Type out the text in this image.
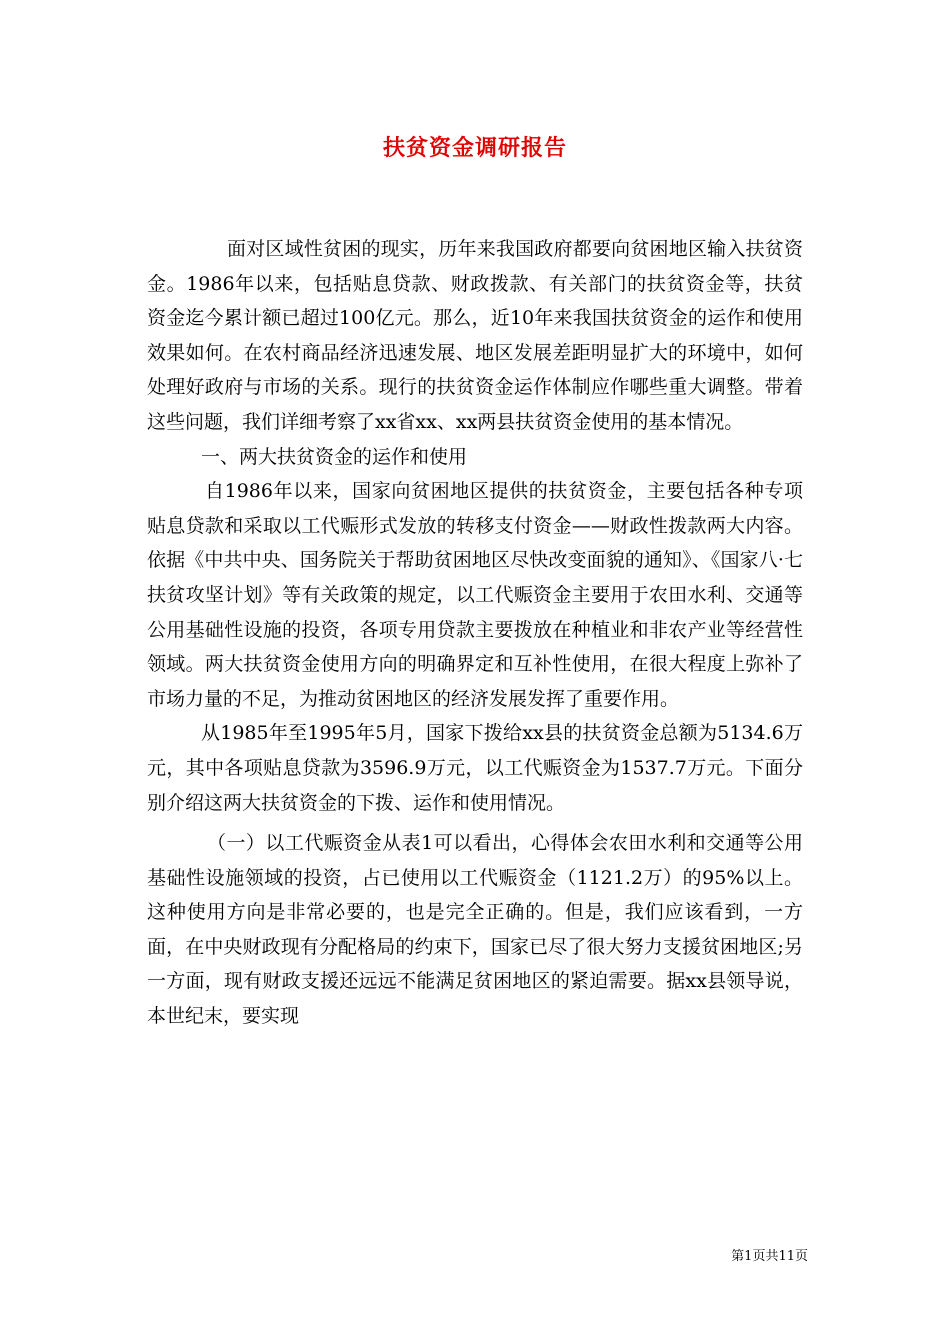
扶贫资金调研报告

面对区域性贫困的现实，历年来我国政府都要向贫困地区输入扶贫资金。1986年以来，包括贴息贷款、财政拨款、有关部门的扶贫资金等，扶贫资金迄今累计额已超过100亿元。那么，近10年来我国扶贫资金的运作和使用效果如何。在农村商品经济迅速发展、地区发展差距明显扩大的环境中，如何处理好政府与市场的关系。现行的扶贫资金运作体制应作哪些重大调整。带着这些问题，我们详细考察了xx省xx、xx两县扶贫资金使用的基本情况。

一、两大扶贫资金的运作和使用

自1986年以来，国家向贫困地区提供的扶贫资金，主要包括各种专项贴息贷款和采取以工代赈形式发放的转移支付资金——财政性拨款两大内容。依据《中共中央、国务院关于帮助贫困地区尽快改变面貌的通知》、《国家八·七扶贫攻坚计划》等有关政策的规定，以工代赈资金主要用于农田水利、交通等公用基础性设施的投资，各项专用贷款主要拨放在种植业和非农产业等经营性领域。两大扶贫资金使用方向的明确界定和互补性使用，在很大程度上弥补了市场力量的不足，为推动贫困地区的经济发展发挥了重要作用。

从1985年至1995年5月，国家下拨给xx县的扶贫资金总额为5134.6万元，其中各项贴息贷款为3596.9万元，以工代赈资金为1537.7万元。下面分别介绍这两大扶贫资金的下拨、运作和使用情况。

（一）以工代赈资金从表1可以看出，心得体会农田水利和交通等公用基础性设施领域的投资，占已使用以工代赈资金（1121.2万）的95%以上。这种使用方向是非常必要的，也是完全正确的。但是，我们应该看到，一方面，在中央财政现有分配格局的约束下，国家已尽了很大努力支援贫困地区;另一方面，现有财政支援还远远不能满足贫困地区的紧迫需要。据xx县领导说，本世纪末，要实现

第1页共11页
